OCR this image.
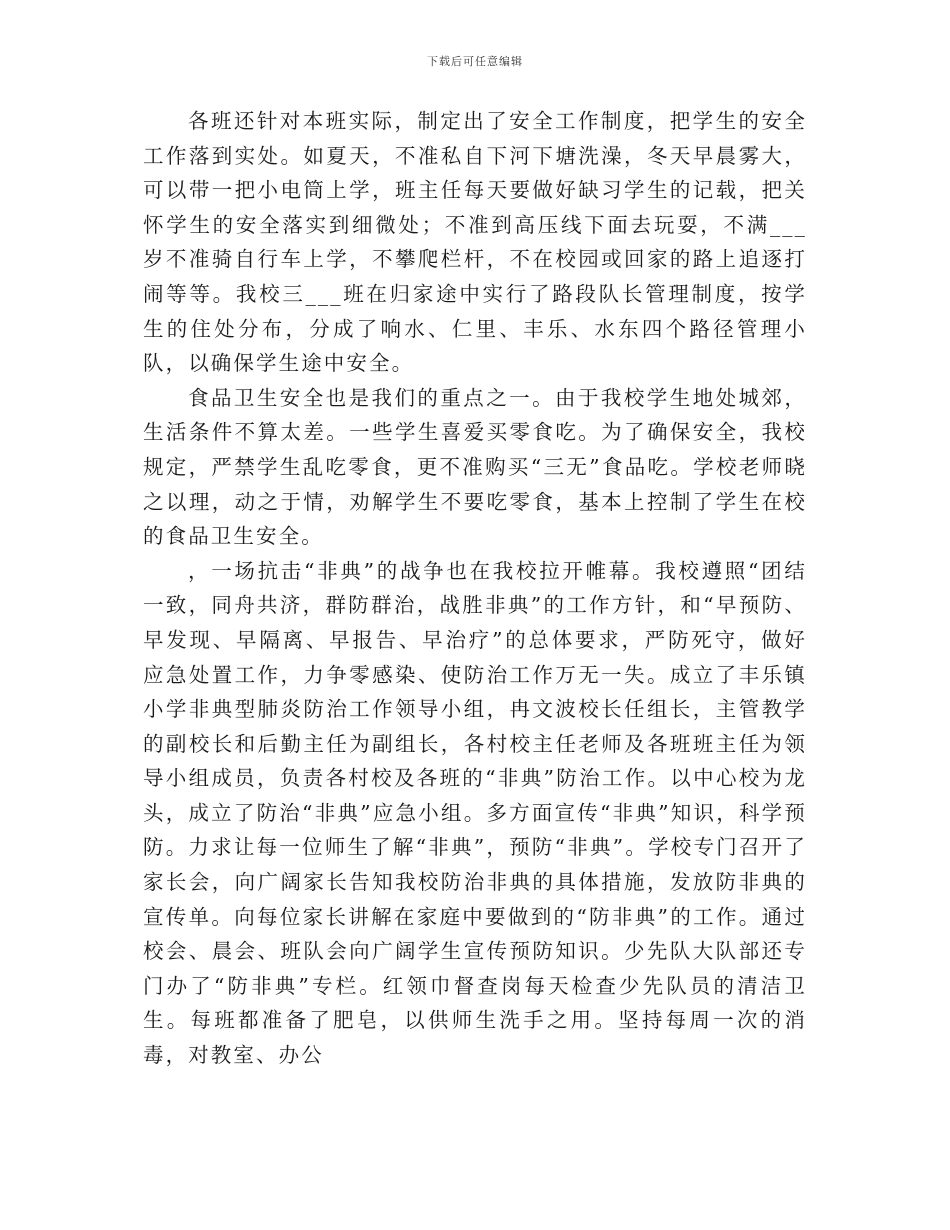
下载后可任意编辑

各班还针对本班实际，制定出了安全工作制度，把学生的安全工作落到实处。如夏天，不准私自下河下塘洗澡，冬天早晨雾大，可以带一把小电筒上学，班主任每天要做好缺习学生的记载，把关怀学生的安全落实到细微处；不准到高压线下面去玩耍，不满___岁不准骑自行车上学，不攀爬栏杆，不在校园或回家的路上追逐打闹等等。我校三___班在归家途中实行了路段队长管理制度，按学生的住处分布，分成了响水、仁里、丰乐、水东四个路径管理小队，以确保学生途中安全。

食品卫生安全也是我们的重点之一。由于我校学生地处城郊，生活条件不算太差。一些学生喜爱买零食吃。为了确保安全，我校规定，严禁学生乱吃零食，更不准购买“三无”食品吃。学校老师晓之以理，动之于情，劝解学生不要吃零食，基本上控制了学生在校的食品卫生安全。

，一场抗击“非典”的战争也在我校拉开帷幕。我校遵照“团结一致，同舟共济，群防群治，战胜非典”的工作方针，和“早预防、早发现、早隔离、早报告、早治疗”的总体要求，严防死守，做好应急处置工作，力争零感染、使防治工作万无一失。成立了丰乐镇小学非典型肺炎防治工作领导小组，冉文波校长任组长，主管教学的副校长和后勤主任为副组长，各村校主任老师及各班班主任为领导小组成员，负责各村校及各班的“非典”防治工作。以中心校为龙头，成立了防治“非典”应急小组。多方面宣传“非典”知识，科学预防。力求让每一位师生了解“非典”，预防“非典”。学校专门召开了家长会，向广阔家长告知我校防治非典的具体措施，发放防非典的宣传单。向每位家长讲解在家庭中要做到的“防非典”的工作。通过校会、晨会、班队会向广阔学生宣传预防知识。少先队大队部还专门办了“防非典”专栏。红领巾督查岗每天检查少先队员的清洁卫生。每班都准备了肥皂，以供师生洗手之用。坚持每周一次的消毒，对教室、办公
